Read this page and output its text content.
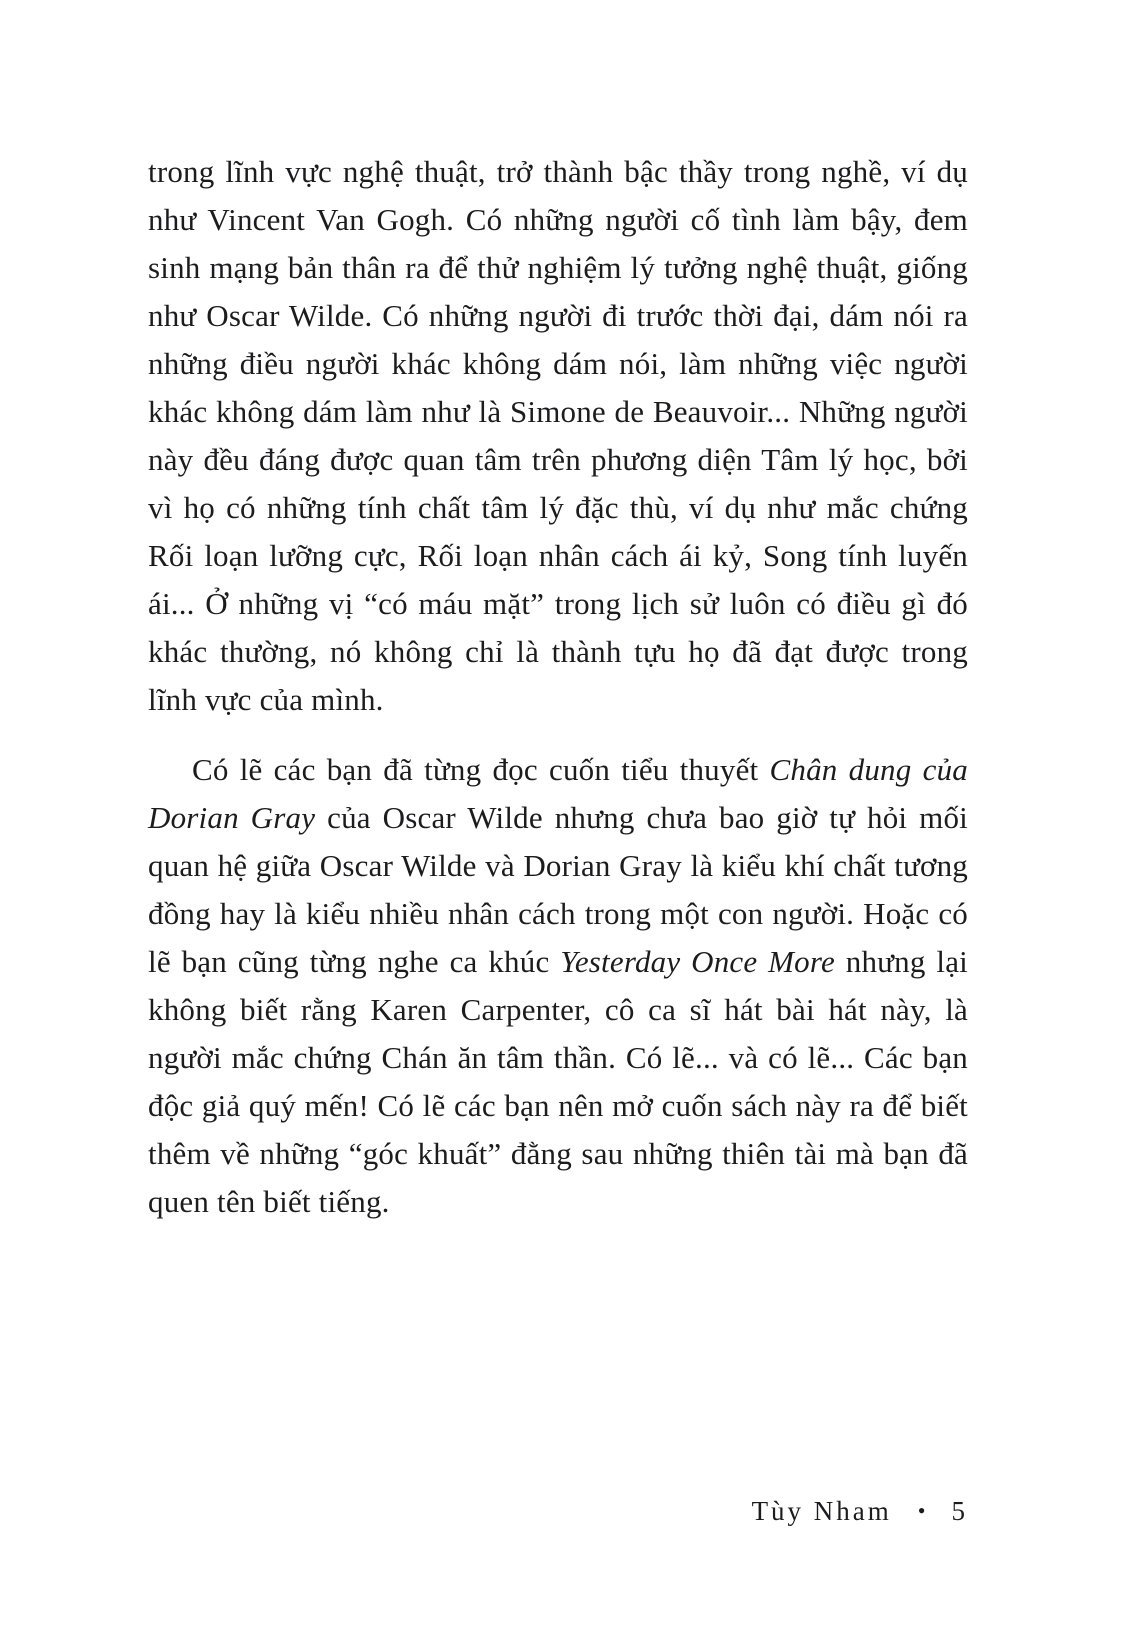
trong lĩnh vực nghệ thuật, trở thành bậc thầy trong nghề, ví dụ như Vincent Van Gogh. Có những người cố tình làm bậy, đem sinh mạng bản thân ra để thử nghiệm lý tưởng nghệ thuật, giống như Oscar Wilde. Có những người đi trước thời đại, dám nói ra những điều người khác không dám nói, làm những việc người khác không dám làm như là Simone de Beauvoir... Những người này đều đáng được quan tâm trên phương diện Tâm lý học, bởi vì họ có những tính chất tâm lý đặc thù, ví dụ như mắc chứng Rối loạn lưỡng cực, Rối loạn nhân cách ái kỷ, Song tính luyến ái... Ở những vị “có máu mặt” trong lịch sử luôn có điều gì đó khác thường, nó không chỉ là thành tựu họ đã đạt được trong lĩnh vực của mình.

Có lẽ các bạn đã từng đọc cuốn tiểu thuyết Chân dung của Dorian Gray của Oscar Wilde nhưng chưa bao giờ tự hỏi mối quan hệ giữa Oscar Wilde và Dorian Gray là kiểu khí chất tương đồng hay là kiểu nhiều nhân cách trong một con người. Hoặc có lẽ bạn cũng từng nghe ca khúc Yesterday Once More nhưng lại không biết rằng Karen Carpenter, cô ca sĩ hát bài hát này, là người mắc chứng Chán ăn tâm thần. Có lẽ... và có lẽ... Các bạn độc giả quý mến! Có lẽ các bạn nên mở cuốn sách này ra để biết thêm về những “góc khuất” đằng sau những thiên tài mà bạn đã quen tên biết tiếng.

Tùy Nham • 5
